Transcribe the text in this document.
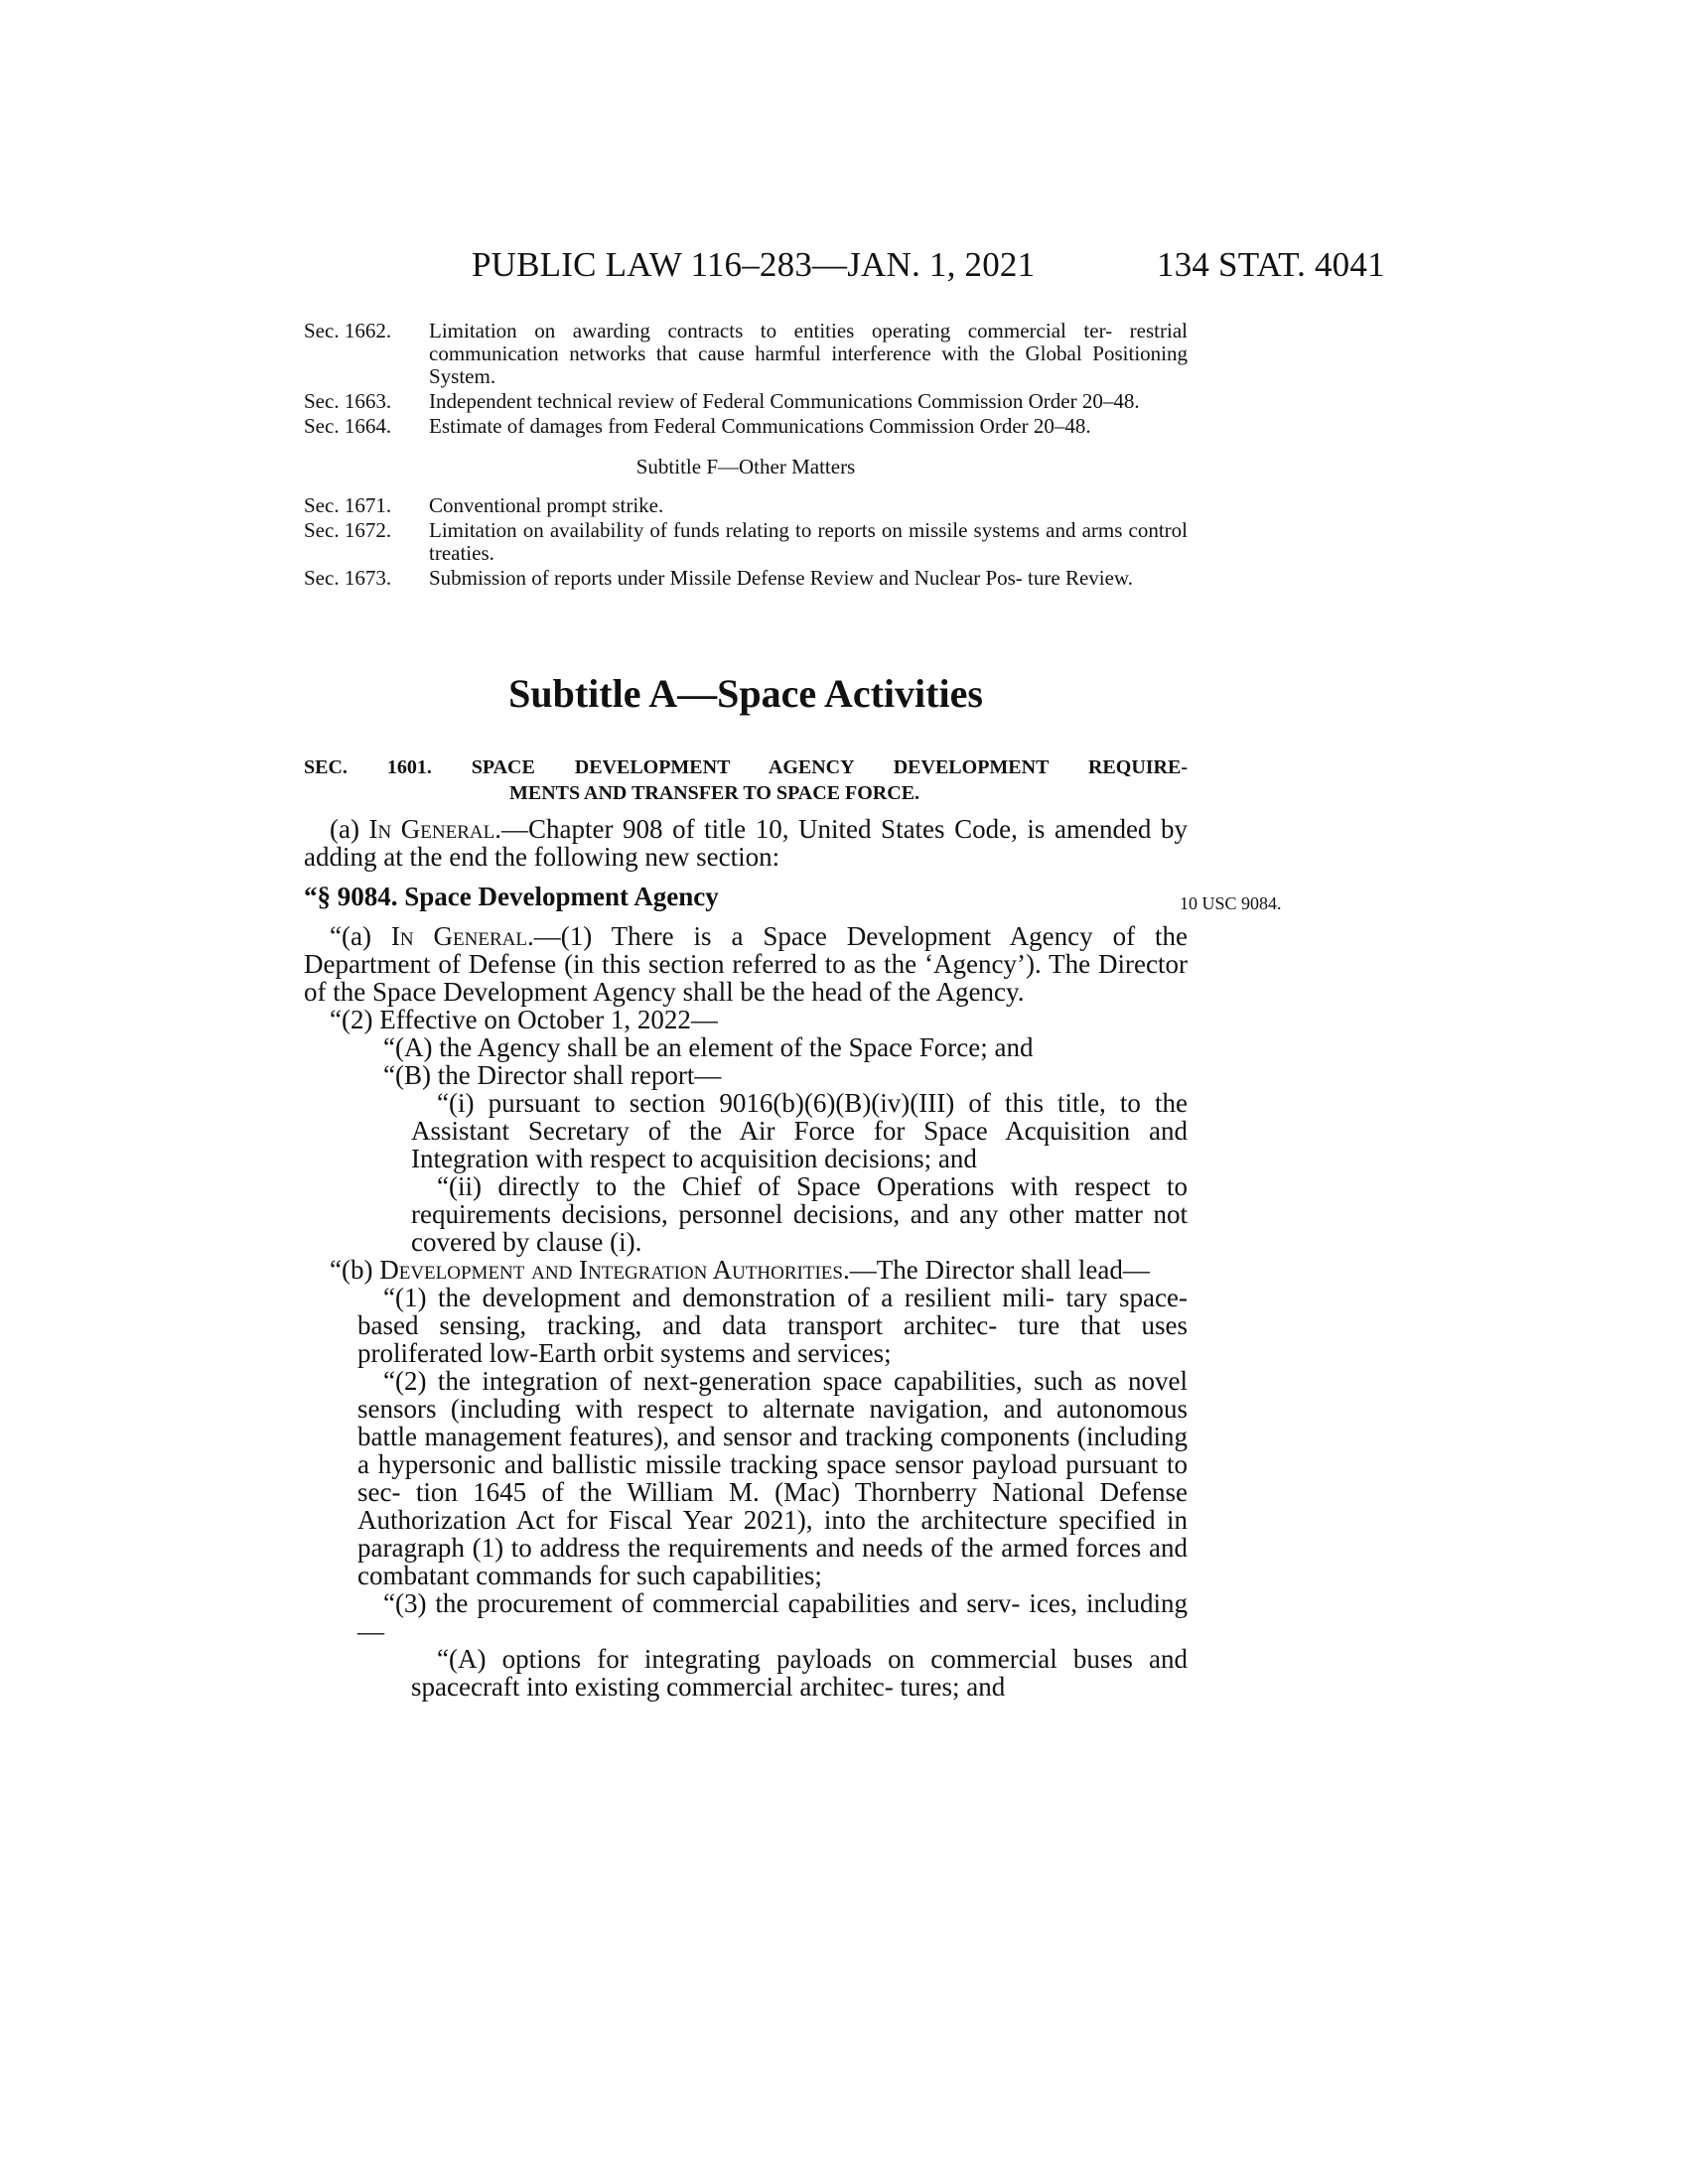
PUBLIC LAW 116–283—JAN. 1, 2021	134 STAT. 4041
Sec. 1662.	Limitation on awarding contracts to entities operating commercial ter- restrial communication networks that cause harmful interference with the Global Positioning System.
Sec. 1663.	Independent technical review of Federal Communications Commission Order 20–48.
Sec. 1664.	Estimate of damages from Federal Communications Commission Order 20–48.
Subtitle F—Other Matters
Sec. 1671.	Conventional prompt strike.
Sec. 1672.	Limitation on availability of funds relating to reports on missile systems and arms control treaties.
Sec. 1673.	Submission of reports under Missile Defense Review and Nuclear Pos- ture Review.
Subtitle A—Space Activities
SEC. 1601. SPACE DEVELOPMENT AGENCY DEVELOPMENT REQUIRE-
MENTS AND TRANSFER TO SPACE FORCE.
10 USC 9084.

(a) In General.—Chapter 908 of title 10, United States Code, is amended by adding at the end the following new section:

“§ 9084. Space Development Agency

“(a) In General.—(1) There is a Space Development Agency of the Department of Defense (in this section referred to as the ‘Agency’). The Director of the Space Development Agency shall be the head of the Agency.

“(2) Effective on October 1, 2022—

“(A) the Agency shall be an element of the Space Force; and

“(B) the Director shall report—

“(i) pursuant to section 9016(b)(6)(B)(iv)(III) of this title, to the Assistant Secretary of the Air Force for Space Acquisition and Integration with respect to acquisition decisions; and

“(ii) directly to the Chief of Space Operations with respect to requirements decisions, personnel decisions, and any other matter not covered by clause (i).

“(b) Development and Integration Authorities.—The Director shall lead—

“(1) the development and demonstration of a resilient mili- tary space-based sensing, tracking, and data transport architec- ture that uses proliferated low-Earth orbit systems and services;

“(2) the integration of next-generation space capabilities, such as novel sensors (including with respect to alternate navigation, and autonomous battle management features), and sensor and tracking components (including a hypersonic and ballistic missile tracking space sensor payload pursuant to sec- tion 1645 of the William M. (Mac) Thornberry National Defense Authorization Act for Fiscal Year 2021), into the architecture specified in paragraph (1) to address the requirements and needs of the armed forces and combatant commands for such capabilities;

“(3) the procurement of commercial capabilities and serv- ices, including—

“(A) options for integrating payloads on commercial buses and spacecraft into existing commercial architec- tures; and
